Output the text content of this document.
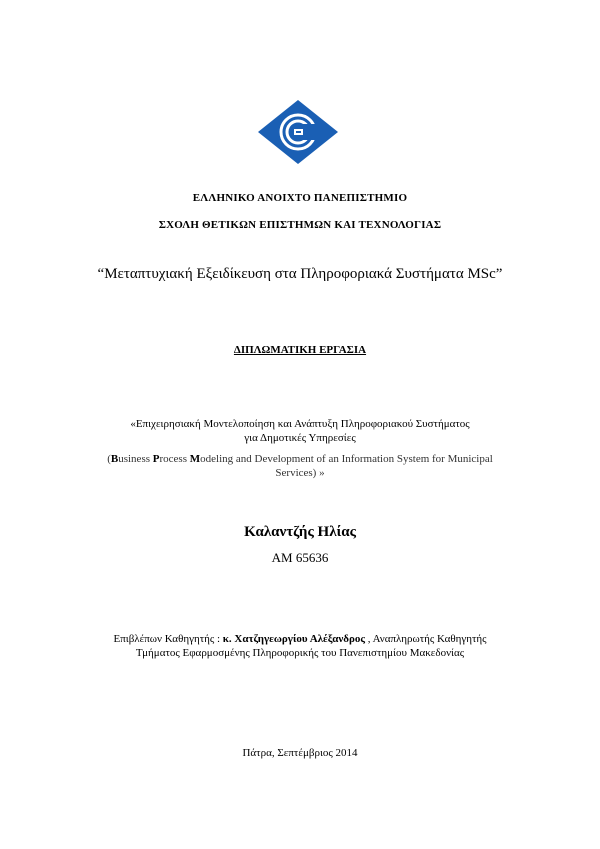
ΕΛΛΗΝΙΚΟ ΑΝΟΙΧΤΟ ΠΑΝΕΠΙΣΤΗΜΙΟ
ΣΧΟΛΗ ΘΕΤΙΚΩΝ ΕΠΙΣΤΗΜΩΝ ΚΑΙ ΤΕΧΝΟΛΟΓΙΑΣ
“Μεταπτυχιακή Εξειδίκευση στα Πληροφοριακά Συστήματα MSc”
ΔΙΠΛΩΜΑΤΙΚΗ ΕΡΓΑΣΙΑ
«Επιχειρησιακή Μοντελοποίηση και Ανάπτυξη Πληροφοριακού Συστήματος
για Δημοτικές Υπηρεσίες
(Business Process Modeling and Development of an Information System for Municipal
Services) »
Καλαντζής Ηλίας
AM 65636
Επιβλέπων Καθηγητής : κ. Χατζηγεωργίου Αλέξανδρος , Αναπληρωτής Καθηγητής
Τμήματος Εφαρμοσμένης Πληροφορικής του Πανεπιστημίου Μακεδονίας
Πάτρα, Σεπτέμβριος 2014
